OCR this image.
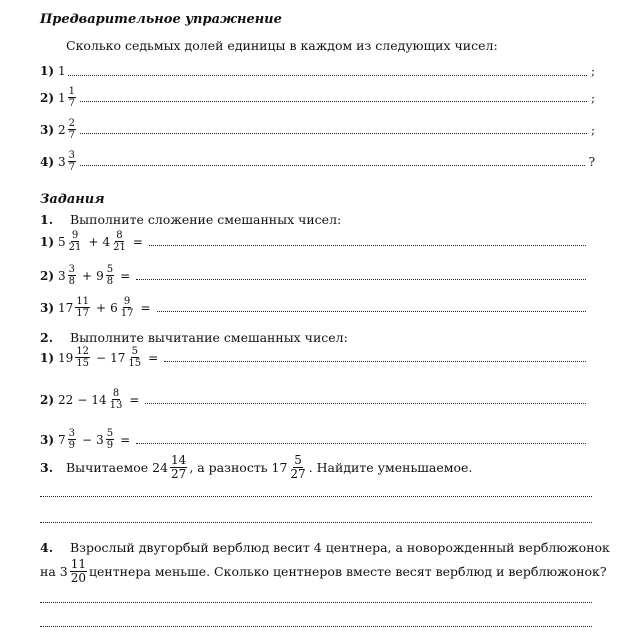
Предварительное упражнение
Сколько седьмых долей единицы в каждом из следующих чисел:
1) 1	;
2) $1 \frac{1}{7}$	;
3) $2 \frac{2}{7}$	;
4) $3 \frac{3}{7}$	?
Задания
1. Выполните сложение смешанных чисел:
1) $5 \frac{9}{21} + 4 \frac{8}{21}$ =
2) $3 \frac{3}{8} + 9 \frac{5}{8}$ =
3) $17 \frac{11}{17} + 6 \frac{9}{17}$ =
2. Выполните вычитание смешанных чисел:
1) $19 \frac{12}{15} - 17 \frac{5}{15}$ =
2) $22 - 14 \frac{8}{13}$ =
3) $7 \frac{3}{9} - 3 \frac{5}{9}$ =
3.	Вычитаемое $24 \frac{14}{27}$ , а разность $17 \frac{5}{27}$ . Найдите уменьшаемое.
4. Взрослый двугорбый верблюд весит 4 центнера, а новорожденный верблюжонок
на $3 \frac{11}{20}$ центнера меньше. Сколько центнеров вместе весят верблюд и верблюжонок?
